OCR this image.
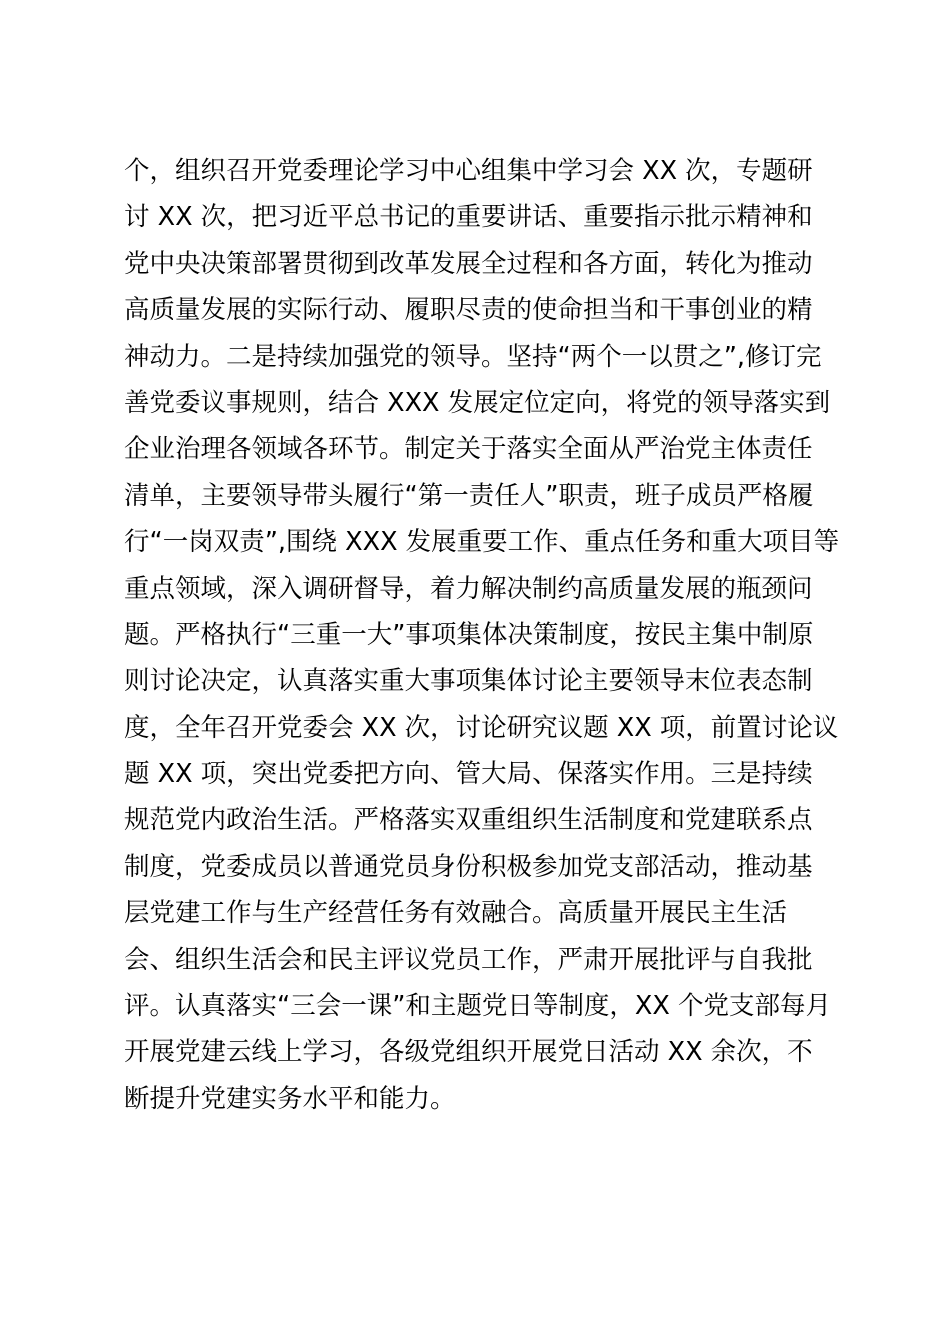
个，组织召开党委理论学习中心组集中学习会 XX 次，专题研
讨 XX 次，把习近平总书记的重要讲话、重要指示批示精神和
党中央决策部署贯彻到改革发展全过程和各方面，转化为推动
高质量发展的实际行动、履职尽责的使命担当和干事创业的精
神动力。二是持续加强党的领导。坚持“两个一以贯之”,修订完
善党委议事规则，结合 XXX 发展定位定向，将党的领导落实到
企业治理各领域各环节。制定关于落实全面从严治党主体责任
清单，主要领导带头履行“第一责任人”职责，班子成员严格履
行“一岗双责”,围绕 XXX 发展重要工作、重点任务和重大项目等
重点领域，深入调研督导，着力解决制约高质量发展的瓶颈问
题。严格执行“三重一大”事项集体决策制度，按民主集中制原
则讨论决定，认真落实重大事项集体讨论主要领导末位表态制
度，全年召开党委会 XX 次，讨论研究议题 XX 项，前置讨论议
题 XX 项，突出党委把方向、管大局、保落实作用。三是持续
规范党内政治生活。严格落实双重组织生活制度和党建联系点
制度，党委成员以普通党员身份积极参加党支部活动，推动基
层党建工作与生产经营任务有效融合。高质量开展民主生活
会、组织生活会和民主评议党员工作，严肃开展批评与自我批
评。认真落实“三会一课”和主题党日等制度，XX 个党支部每月
开展党建云线上学习，各级党组织开展党日活动 XX 余次，不
断提升党建实务水平和能力。
